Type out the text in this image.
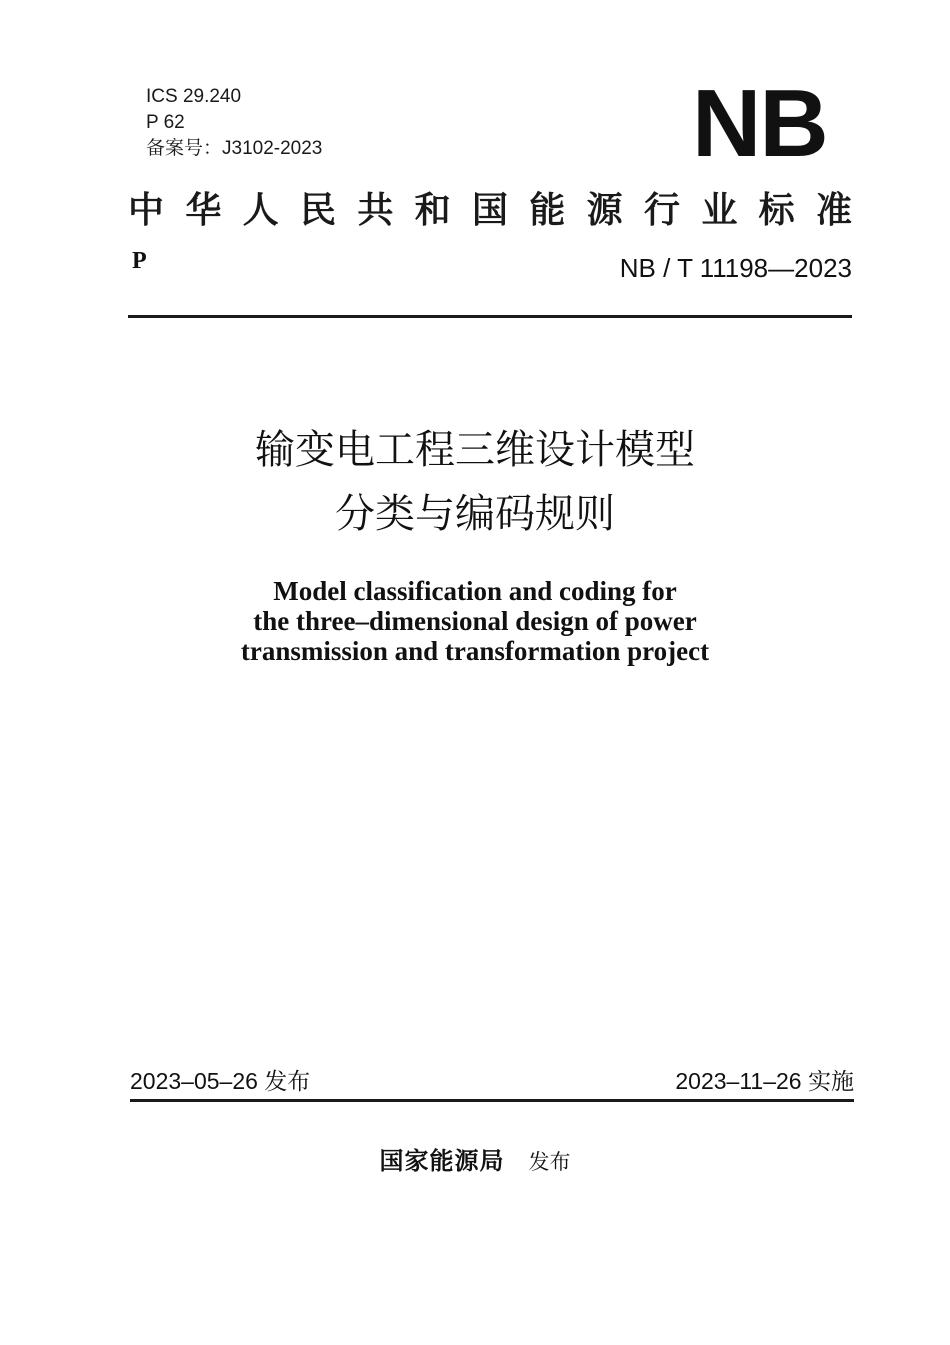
ICS 29.240
P 62
备案号：J3102-2023	NB
中华人民共和国能源行业标准
P	NB / T 11198—2023
输变电工程三维设计模型
分类与编码规则
Model classification and coding for
the three–dimensional design of power
transmission and transformation project
2023–05–26 发布	2023–11–26 实施
国家能源局 发布
